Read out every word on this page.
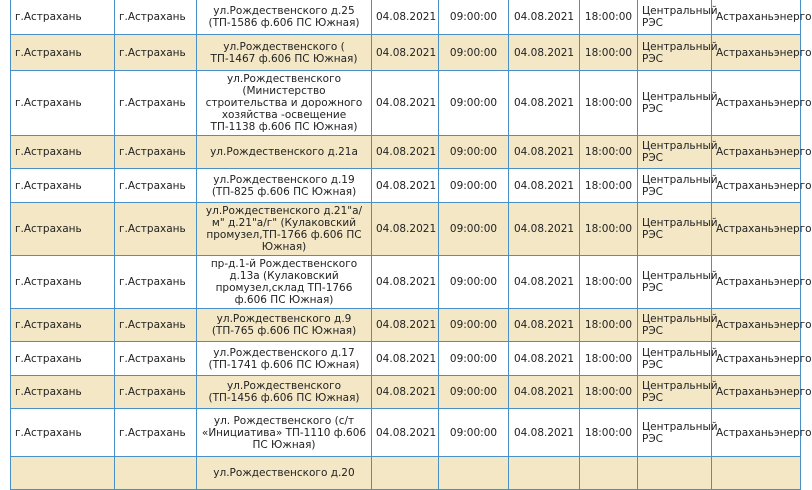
г.Астрахань	г.Астрахань	ул.Рождественского д.25 (ТП-1586 ф.606 ПС Южная)	04.08.2021	09:00:00	04.08.2021	18:00:00	Центральный РЭС	Астраханьэнерго
г.Астрахань	г.Астрахань	ул.Рождественского ( ТП-1467 ф.606 ПС Южная)	04.08.2021	09:00:00	04.08.2021	18:00:00	Центральный РЭС	Астраханьэнерго
г.Астрахань	г.Астрахань	ул.Рождественского (Министерство строительства и дорожного хозяйства -освещение ТП-1138 ф.606 ПС Южная)	04.08.2021	09:00:00	04.08.2021	18:00:00	Центральный РЭС	Астраханьэнерго
г.Астрахань	г.Астрахань	ул.Рождественского д.21а	04.08.2021	09:00:00	04.08.2021	18:00:00	Центральный РЭС	Астраханьэнерго
г.Астрахань	г.Астрахань	ул.Рождественского д.19 (ТП-825 ф.606 ПС Южная)	04.08.2021	09:00:00	04.08.2021	18:00:00	Центральный РЭС	Астраханьэнерго
г.Астрахань	г.Астрахань	ул.Рождественского д.21"а/м" д.21"а/г" (Кулаковский промузел,ТП-1766 ф.606 ПС Южная)	04.08.2021	09:00:00	04.08.2021	18:00:00	Центральный РЭС	Астраханьэнерго
г.Астрахань	г.Астрахань	пр-д.1-й Рождественского д.13а (Кулаковский промузел,склад ТП-1766 ф.606 ПС Южная)	04.08.2021	09:00:00	04.08.2021	18:00:00	Центральный РЭС	Астраханьэнерго
г.Астрахань	г.Астрахань	ул.Рождественского д.9 (ТП-765 ф.606 ПС Южная)	04.08.2021	09:00:00	04.08.2021	18:00:00	Центральный РЭС	Астраханьэнерго
г.Астрахань	г.Астрахань	ул.Рождественского д.17 (ТП-1741 ф.606 ПС Южная)	04.08.2021	09:00:00	04.08.2021	18:00:00	Центральный РЭС	Астраханьэнерго
г.Астрахань	г.Астрахань	ул.Рождественского (ТП-1456 ф.606 ПС Южная)	04.08.2021	09:00:00	04.08.2021	18:00:00	Центральный РЭС	Астраханьэнерго
г.Астрахань	г.Астрахань	ул. Рождественского (с/т «Инициатива» ТП-1110 ф.606 ПС Южная)	04.08.2021	09:00:00	04.08.2021	18:00:00	Центральный РЭС	Астраханьэнерго
		ул.Рождественского д.20						
